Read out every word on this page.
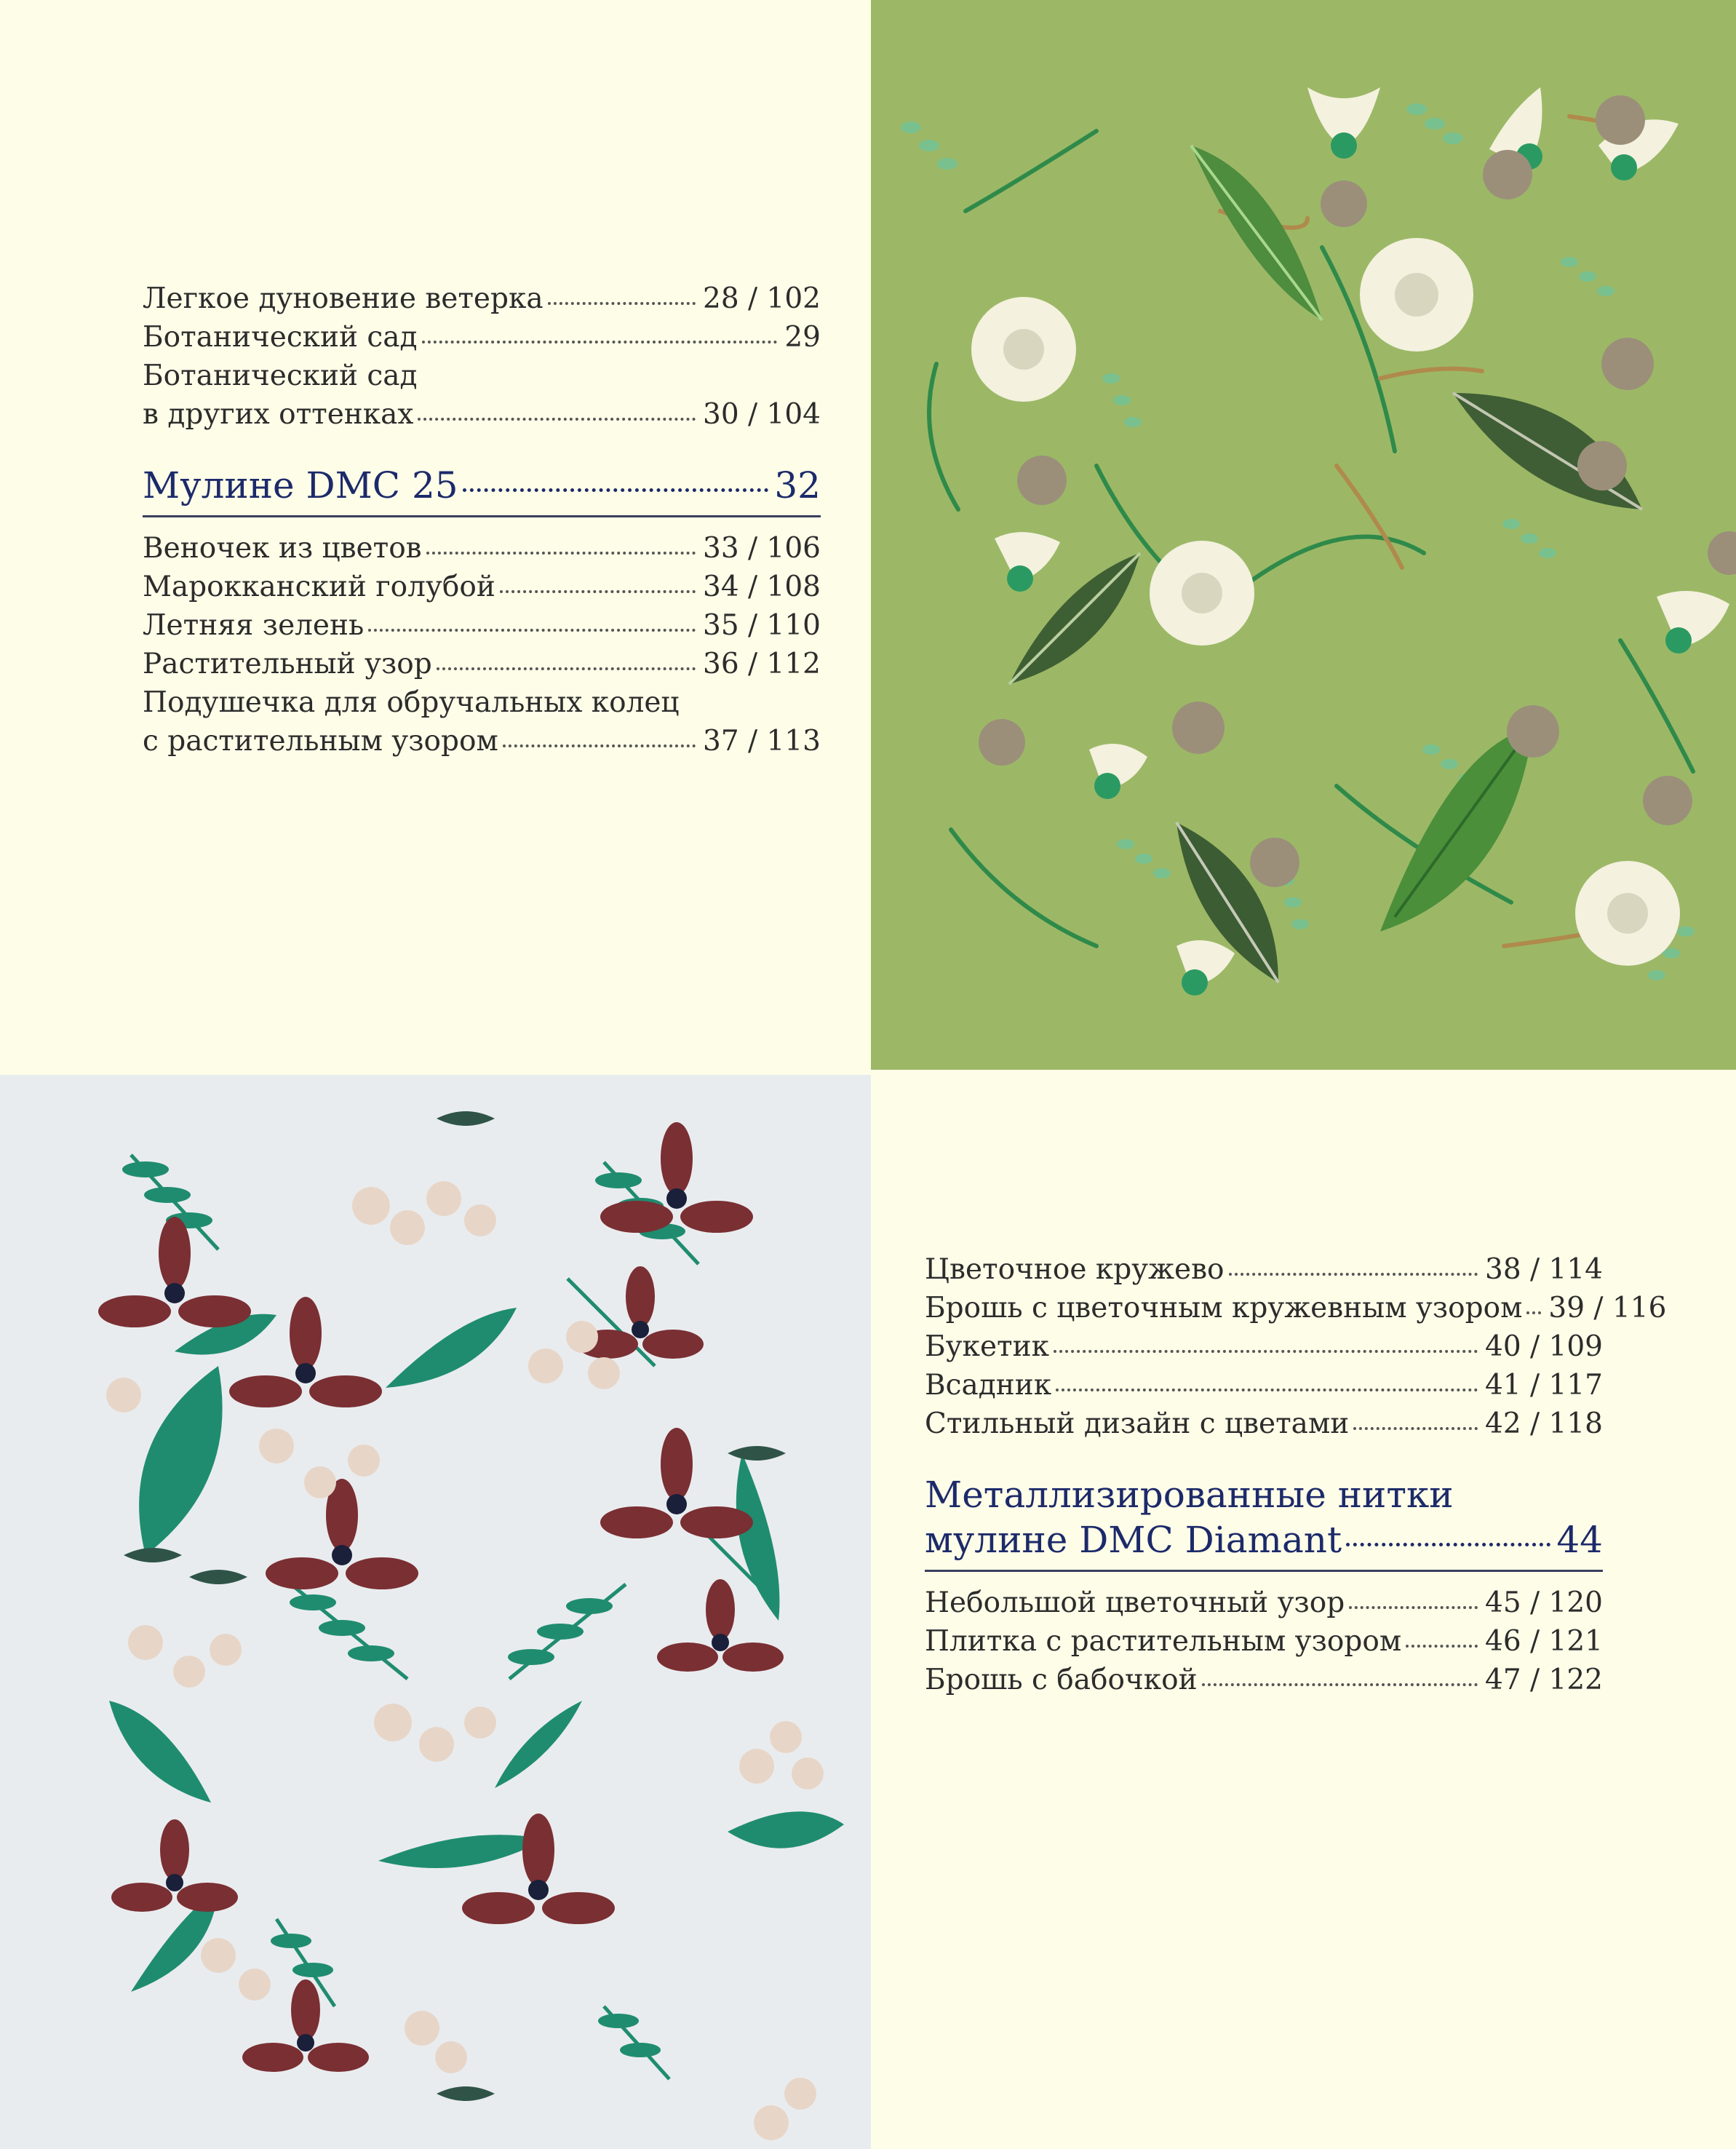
Легкое дуновение ветерка	28 / 102
Ботанический сад	29
Ботанический сад
в других оттенках	30 / 104
Мулине DMC 25	32
Веночек из цветов	33 / 106
Марокканский голубой	34 / 108
Летняя зелень	35 / 110
Растительный узор	36 / 112
Подушечка для обручальных колец
с растительным узором	37 / 113
Цветочное кружево	38 / 114
Брошь с цветочным кружевным узором 39 / 116
Букетик	40 / 109
Всадник	41 / 117
Стильный дизайн с цветами	42 / 118
Металлизированные нитки
мулине DMC Diamant	44
Небольшой цветочный узор	45 / 120
Плитка с растительным узором	46 / 121
Брошь с бабочкой	47 / 122
